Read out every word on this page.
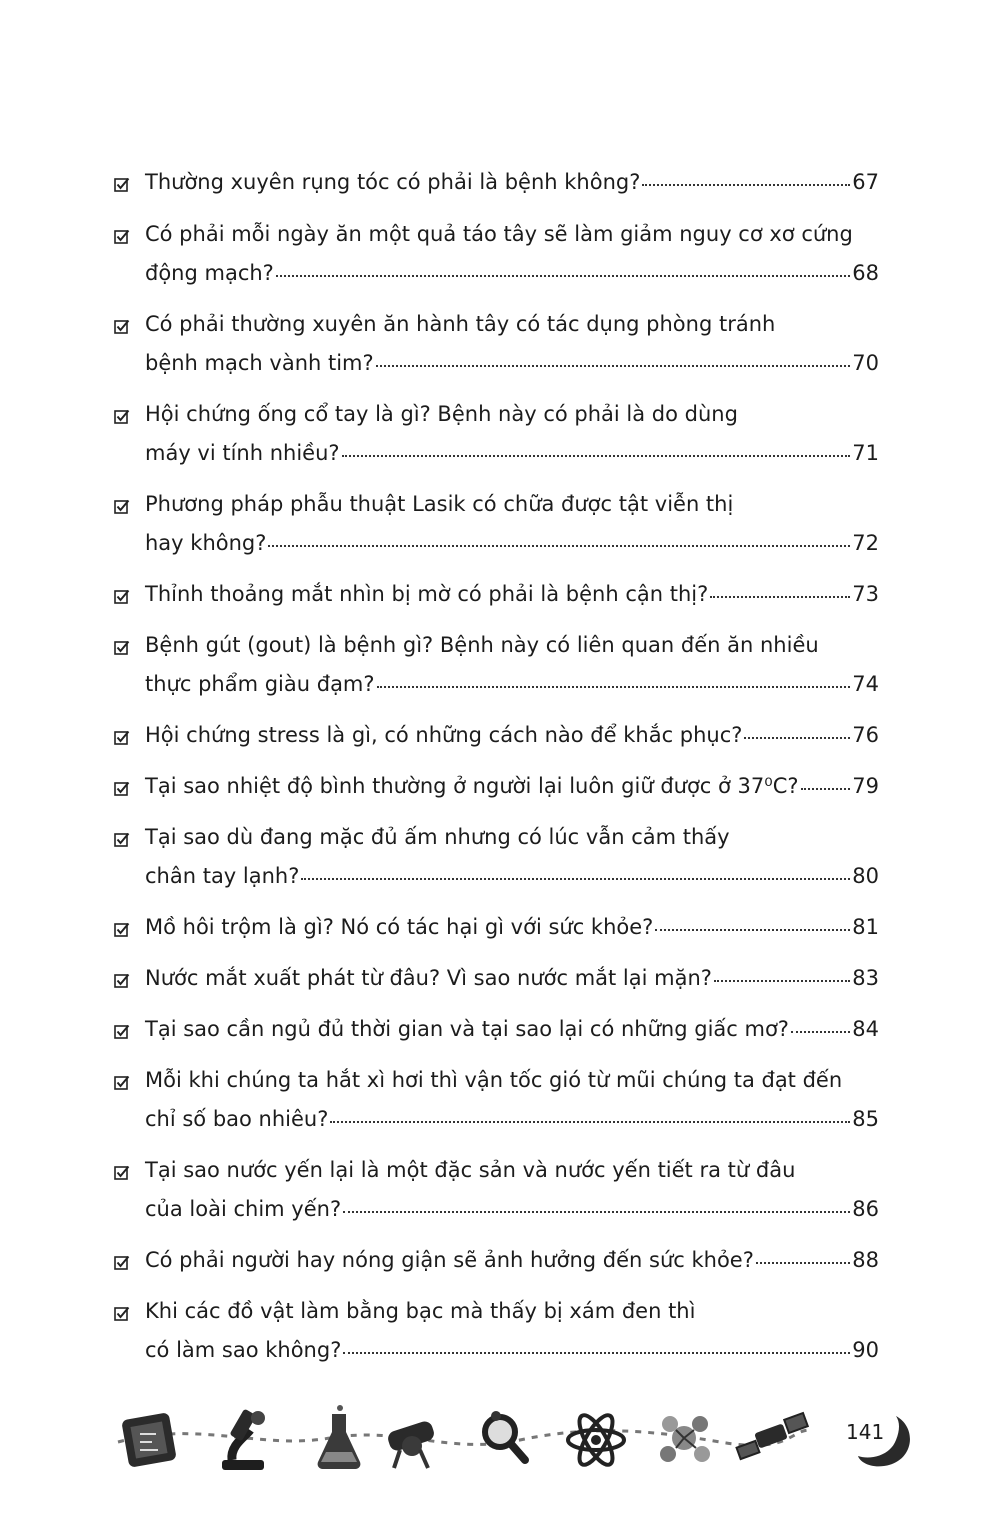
Thường xuyên rụng tóc có phải là bệnh không?	67
Có phải mỗi ngày ăn một quả táo tây sẽ làm giảm nguy cơ xơ cứng
động mạch?	68
Có phải thường xuyên ăn hành tây có tác dụng phòng tránh
bệnh mạch vành tim?	70
Hội chứng ống cổ tay là gì? Bệnh này có phải là do dùng
máy vi tính nhiều?	71
Phương pháp phẫu thuật Lasik có chữa được tật viễn thị
hay không?	72
Thỉnh thoảng mắt nhìn bị mờ có phải là bệnh cận thị?	73
Bệnh gút (gout) là bệnh gì? Bệnh này có liên quan đến ăn nhiều
thực phẩm giàu đạm?	74
Hội chứng stress là gì, có những cách nào để khắc phục?	76
Tại sao nhiệt độ bình thường ở người lại luôn giữ được ở 37⁰C?	79
Tại sao dù đang mặc đủ ấm nhưng có lúc vẫn cảm thấy
chân tay lạnh?	80
Mồ hôi trộm là gì? Nó có tác hại gì với sức khỏe?	81
Nước mắt xuất phát từ đâu? Vì sao nước mắt lại mặn?	83
Tại sao cần ngủ đủ thời gian và tại sao lại có những giấc mơ?	84
Mỗi khi chúng ta hắt xì hơi thì vận tốc gió từ mũi chúng ta đạt đến
chỉ số bao nhiêu?	85
Tại sao nước yến lại là một đặc sản và nước yến tiết ra từ đâu
của loài chim yến?	86
Có phải người hay nóng giận sẽ ảnh hưởng đến sức khỏe?	88
Khi các đồ vật làm bằng bạc mà thấy bị xám đen thì
có làm sao không?	90
141
